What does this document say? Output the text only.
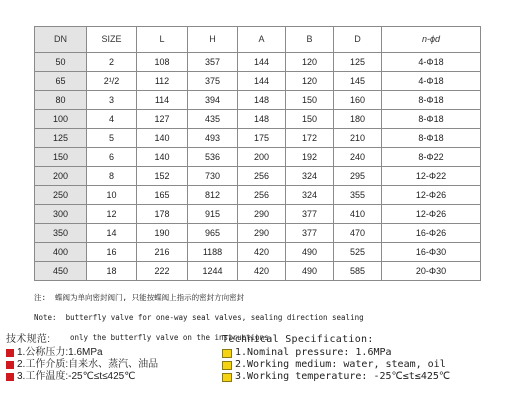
DN	SIZE	L	H	A	B	D	n-ϕd
50	2	108	357	144	120	125	4-Φ18
65	2¹/2	112	375	144	120	145	4-Φ18
80	3	114	394	148	150	160	8-Φ18
100	4	127	435	148	150	180	8-Φ18
125	5	140	493	175	172	210	8-Φ18
150	6	140	536	200	192	240	8-Φ22
200	8	152	730	256	324	295	12-Φ22
250	10	165	812	256	324	355	12-Φ26
300	12	178	915	290	377	410	12-Φ26
350	14	190	965	290	377	470	16-Φ26
400	16	216	1188	420	490	525	16-Φ30
450	18	222	1244	420	490	585	20-Φ30

注:  蝶阀为单向密封阀门, 只能按蝶阀上指示的密封方向密封

Note:  butterfly valve for one-way seal valves, sealing direction sealing

only the butterfly valve on the instructions.

技术规范:
1.公称压力:1.6MPa
2.工作介质:自来水、蒸汽、油品
3.工作温度:-25℃≤t≤425℃
Technical Specification:
1.Nominal pressure: 1.6MPa
2.Working medium: water, steam, oil
3.Working temperature: -25℃≤t≤425℃
